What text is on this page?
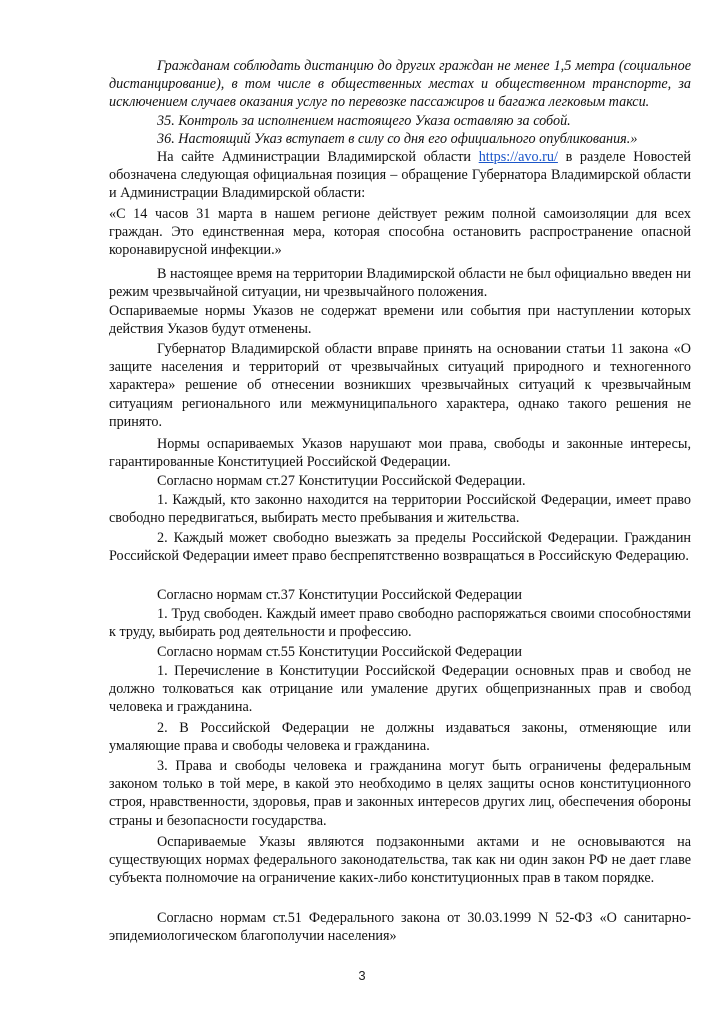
Гражданам соблюдать дистанцию до других граждан не менее 1,5 метра (социальное дистанцирование), в том числе в общественных местах и общественном транспорте, за исключением случаев оказания услуг по перевозке пассажиров и багажа легковым такси.

35. Контроль за исполнением настоящего Указа оставляю за собой.

36. Настоящий Указ вступает в силу со дня его официального опубликования.»

На сайте Администрации Владимирской области https://avo.ru/ в разделе Новостей обозначена следующая официальная позиция – обращение Губернатора Владимирской области и Администрации Владимирской области:

«С 14 часов 31 марта в нашем регионе действует режим полной самоизоляции для всех граждан. Это единственная мера, которая способна остановить распространение опасной коронавирусной инфекции.»

В настоящее время на территории Владимирской области не был официально введен ни режим чрезвычайной ситуации, ни чрезвычайного положения.

Оспариваемые нормы Указов не содержат времени или события при наступлении которых действия Указов будут отменены.

Губернатор Владимирской области вправе принять на основании статьи 11 закона «О защите населения и территорий от чрезвычайных ситуаций природного и техногенного характера» решение об отнесении возникших чрезвычайных ситуаций к чрезвычайным ситуациям регионального или межмуниципального характера, однако такого решения не принято.

Нормы оспариваемых Указов нарушают мои права, свободы и законные интересы, гарантированные Конституцией Российской Федерации.

Согласно нормам ст.27 Конституции Российской Федерации.

1. Каждый, кто законно находится на территории Российской Федерации, имеет право свободно передвигаться, выбирать место пребывания и жительства.

2. Каждый может свободно выезжать за пределы Российской Федерации. Гражданин Российской Федерации имеет право беспрепятственно возвращаться в Российскую Федерацию.

Согласно нормам ст.37 Конституции Российской Федерации

1. Труд свободен. Каждый имеет право свободно распоряжаться своими способностями к труду, выбирать род деятельности и профессию.

Согласно нормам ст.55 Конституции Российской Федерации

1. Перечисление в Конституции Российской Федерации основных прав и свобод не должно толковаться как отрицание или умаление других общепризнанных прав и свобод человека и гражданина.

2. В Российской Федерации не должны издаваться законы, отменяющие или умаляющие права и свободы человека и гражданина.

3. Права и свободы человека и гражданина могут быть ограничены федеральным законом только в той мере, в какой это необходимо в целях защиты основ конституционного строя, нравственности, здоровья, прав и законных интересов других лиц, обеспечения обороны страны и безопасности государства.

Оспариваемые Указы являются подзаконными актами и не основываются на существующих нормах федерального законодательства, так как ни один закон РФ не дает главе субъекта полномочие на ограничение каких-либо конституционных прав в таком порядке.

Согласно нормам ст.51 Федерального закона от 30.03.1999 N 52-ФЗ «О санитарно-эпидемиологическом благополучии населения»

3
